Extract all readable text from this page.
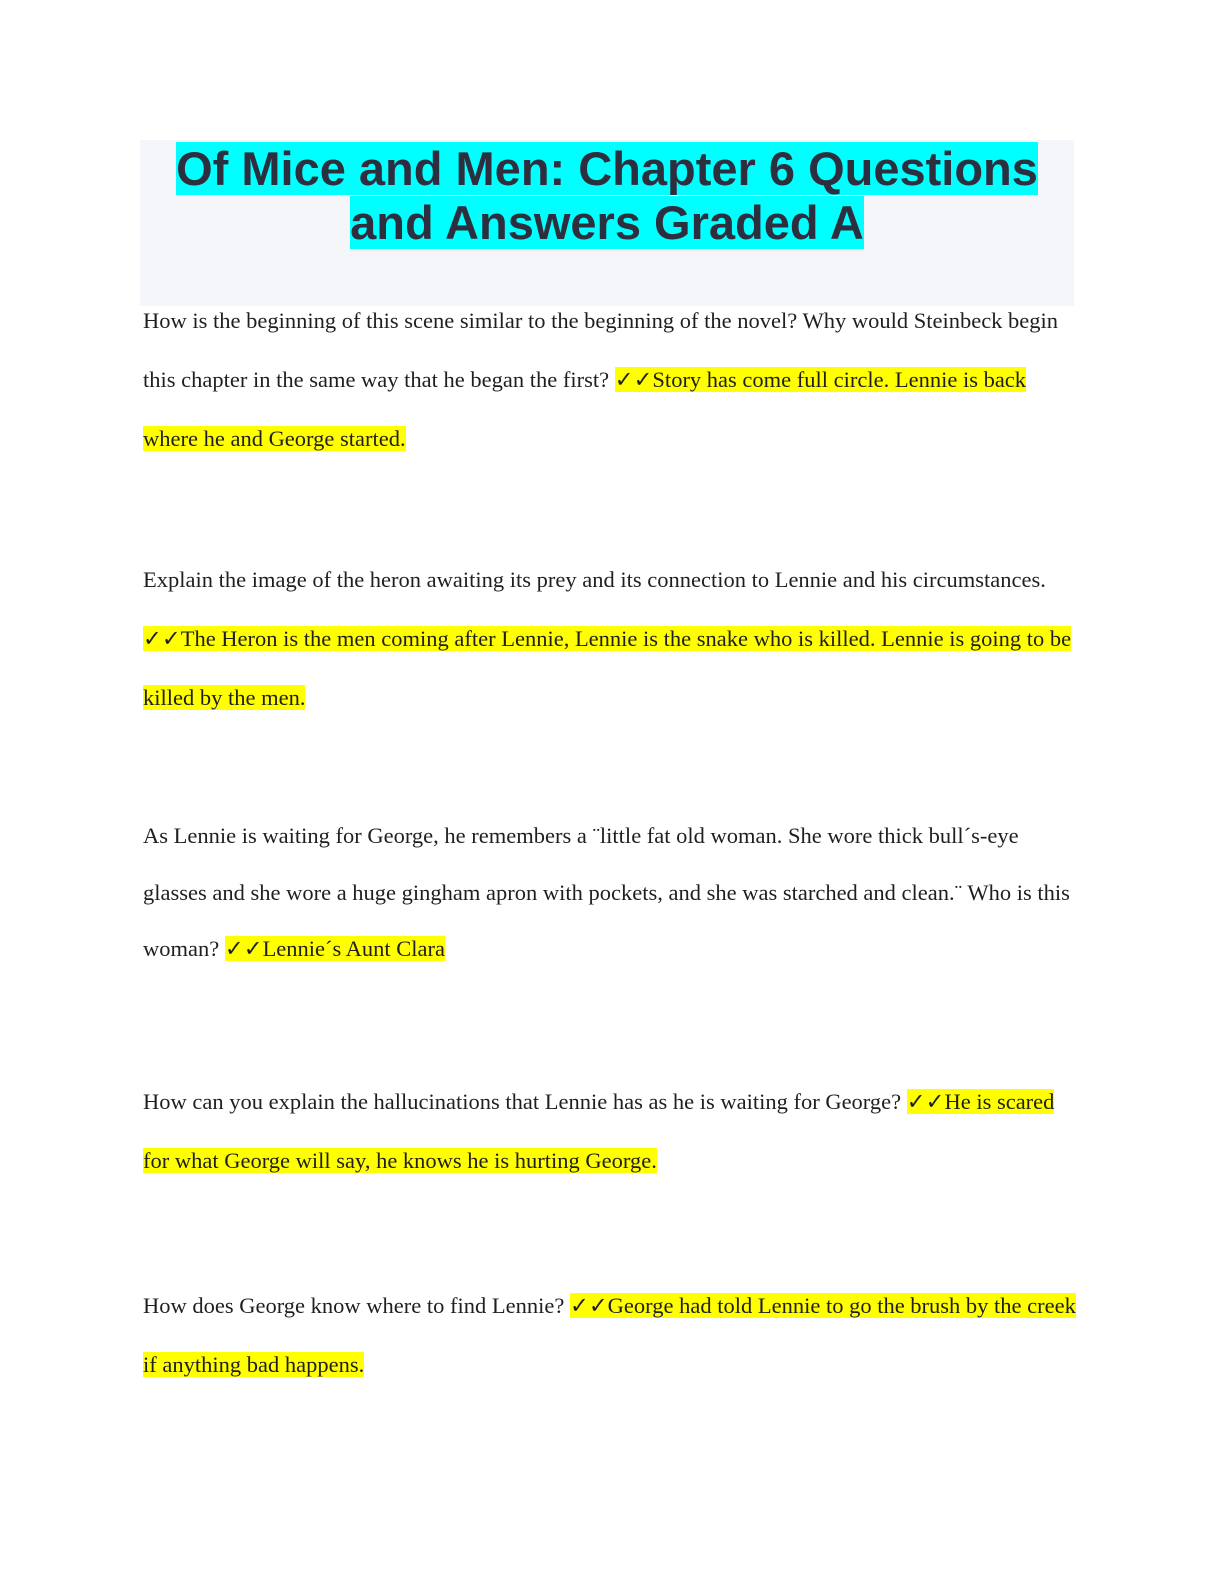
Of Mice and Men: Chapter 6 Questions

and Answers Graded A

How is the beginning of this scene similar to the beginning of the novel? Why would Steinbeck begin this chapter in the same way that he began the first? ✓✓Story has come full circle. Lennie is back where he and George started.

Explain the image of the heron awaiting its prey and its connection to Lennie and his circumstances. ✓✓The Heron is the men coming after Lennie, Lennie is the snake who is killed. Lennie is going to be killed by the men.

As Lennie is waiting for George, he remembers a ¨little fat old woman. She wore thick bull´s-eye glasses and she wore a huge gingham apron with pockets, and she was starched and clean.¨ Who is this woman? ✓✓Lennie´s Aunt Clara

How can you explain the hallucinations that Lennie has as he is waiting for George? ✓✓He is scared for what George will say, he knows he is hurting George.

How does George know where to find Lennie? ✓✓George had told Lennie to go the brush by the creek if anything bad happens.
